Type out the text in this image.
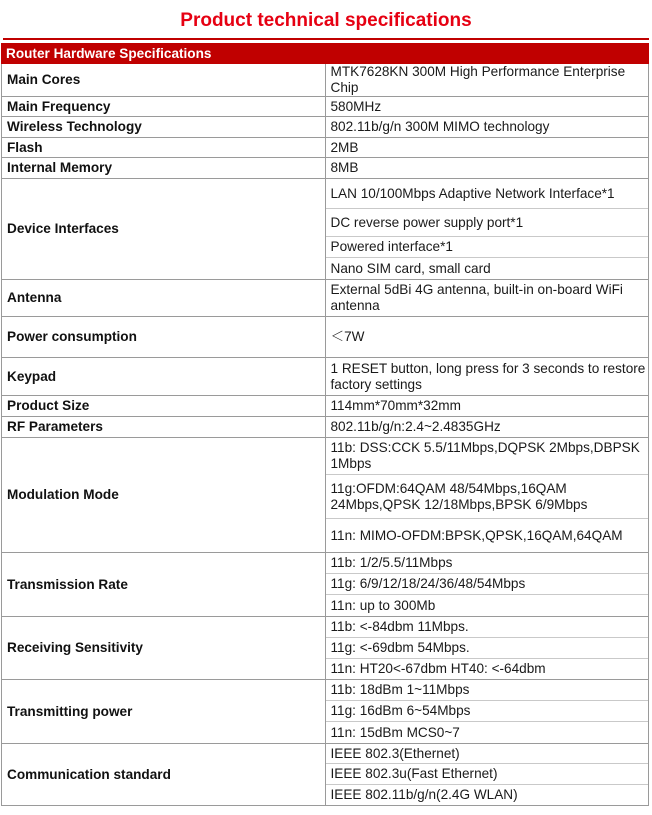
Product technical specifications
Router Hardware Specifications	
Main Cores	MTK7628KN 300M High Performance Enterprise Chip
Main Frequency	580MHz
Wireless Technology	802.11b/g/n 300M MIMO technology
Flash	2MB
Internal Memory	8MB
Device Interfaces	LAN 10/100Mbps Adaptive Network Interface*1
DC reverse power supply port*1
Powered interface*1
Nano SIM card, small card

Antenna	External 5dBi 4G antenna, built-in on-board WiFi antenna
Power consumption	＜7W
Keypad	1 RESET button, long press for 3 seconds to restore factory settings
Product Size	114mm*70mm*32mm
RF Parameters	802.11b/g/n:2.4~2.4835GHz
Modulation Mode	11b: DSS:CCK 5.5/11Mbps,DQPSK 2Mbps,DBPSK 1Mbps
11g:OFDM:64QAM 48/54Mbps,16QAM 24Mbps,QPSK 12/18Mbps,BPSK 6/9Mbps
11n: MIMO-OFDM:BPSK,QPSK,16QAM,64QAM

Transmission Rate	11b: 1/2/5.5/11Mbps
11g: 6/9/12/18/24/36/48/54Mbps
11n: up to 300Mb

Receiving Sensitivity	11b: <-84dbm 11Mbps.
11g: <-69dbm 54Mbps.
11n: HT20<-67dbm HT40: <-64dbm

Transmitting power	11b: 18dBm 1~11Mbps
11g: 16dBm 6~54Mbps
11n: 15dBm MCS0~7

Communication standard	IEEE 802.3(Ethernet)
IEEE 802.3u(Fast Ethernet)
IEEE 802.11b/g/n(2.4G WLAN)
